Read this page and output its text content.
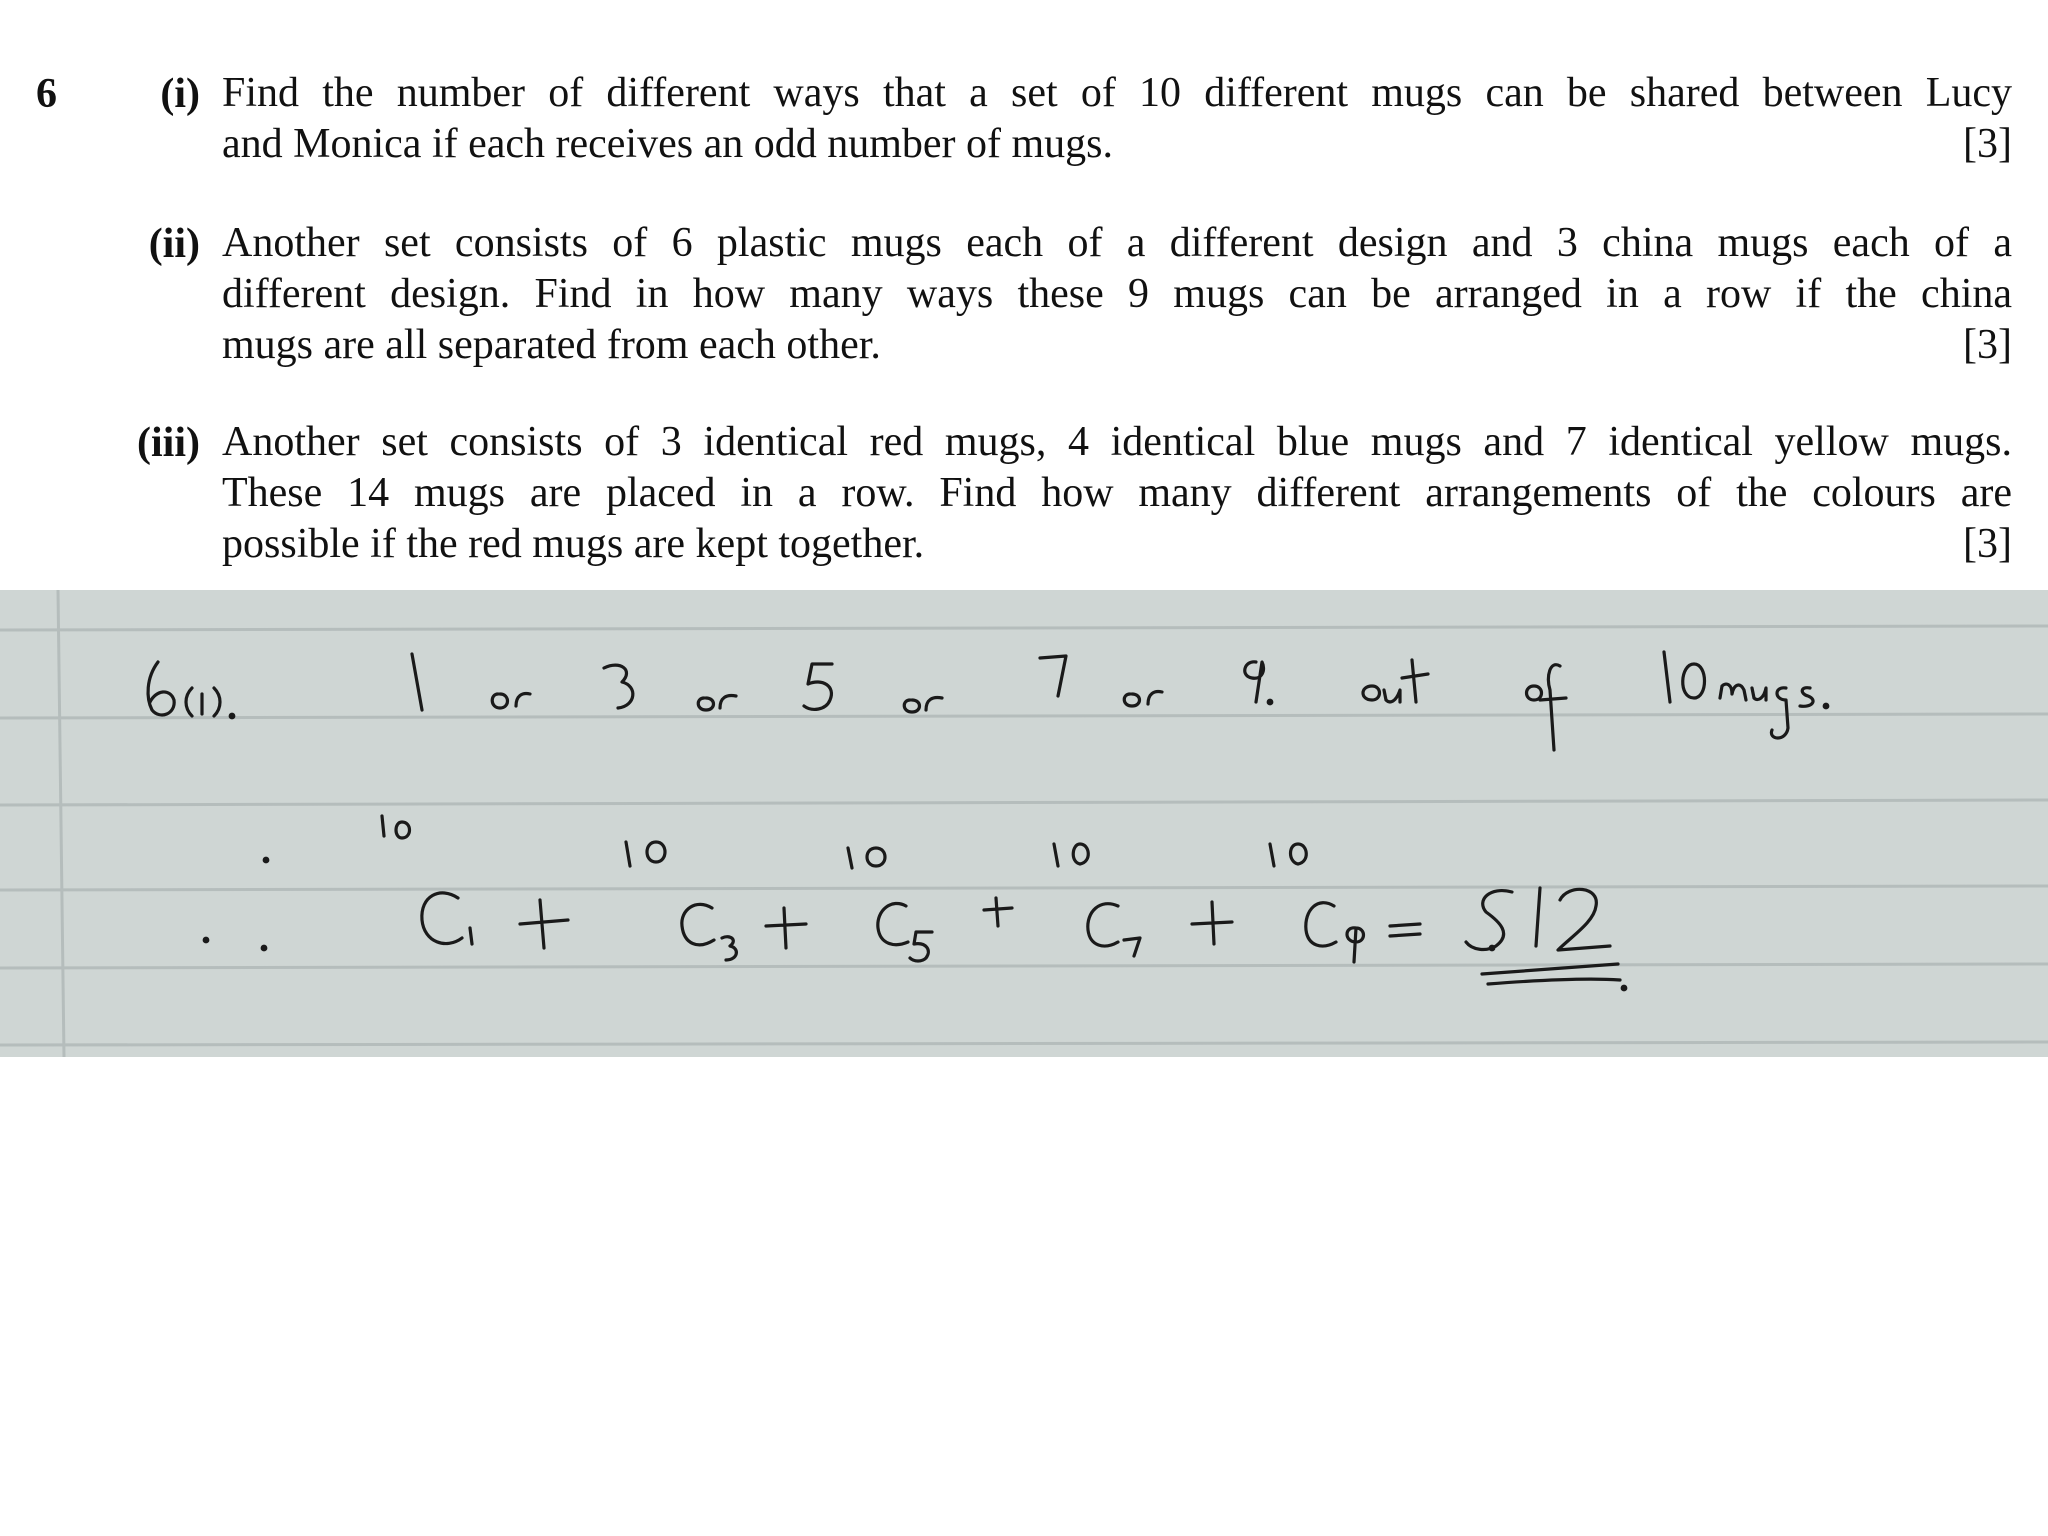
6	(i) Find the number of different ways that a set of 10 different mugs can be shared between Lucy
and Monica if each receives an odd number of mugs.	[3]
(ii) Another set consists of 6 plastic mugs each of a different design and 3 china mugs each of a
different design. Find in how many ways these 9 mugs can be arranged in a row if the china
mugs are all separated from each other.	[3]
(iii) Another set consists of 3 identical red mugs, 4 identical blue mugs and 7 identical yellow mugs.
These 14 mugs are placed in a row. Find how many different arrangements of the colours are
possible if the red mugs are kept together.	[3]
